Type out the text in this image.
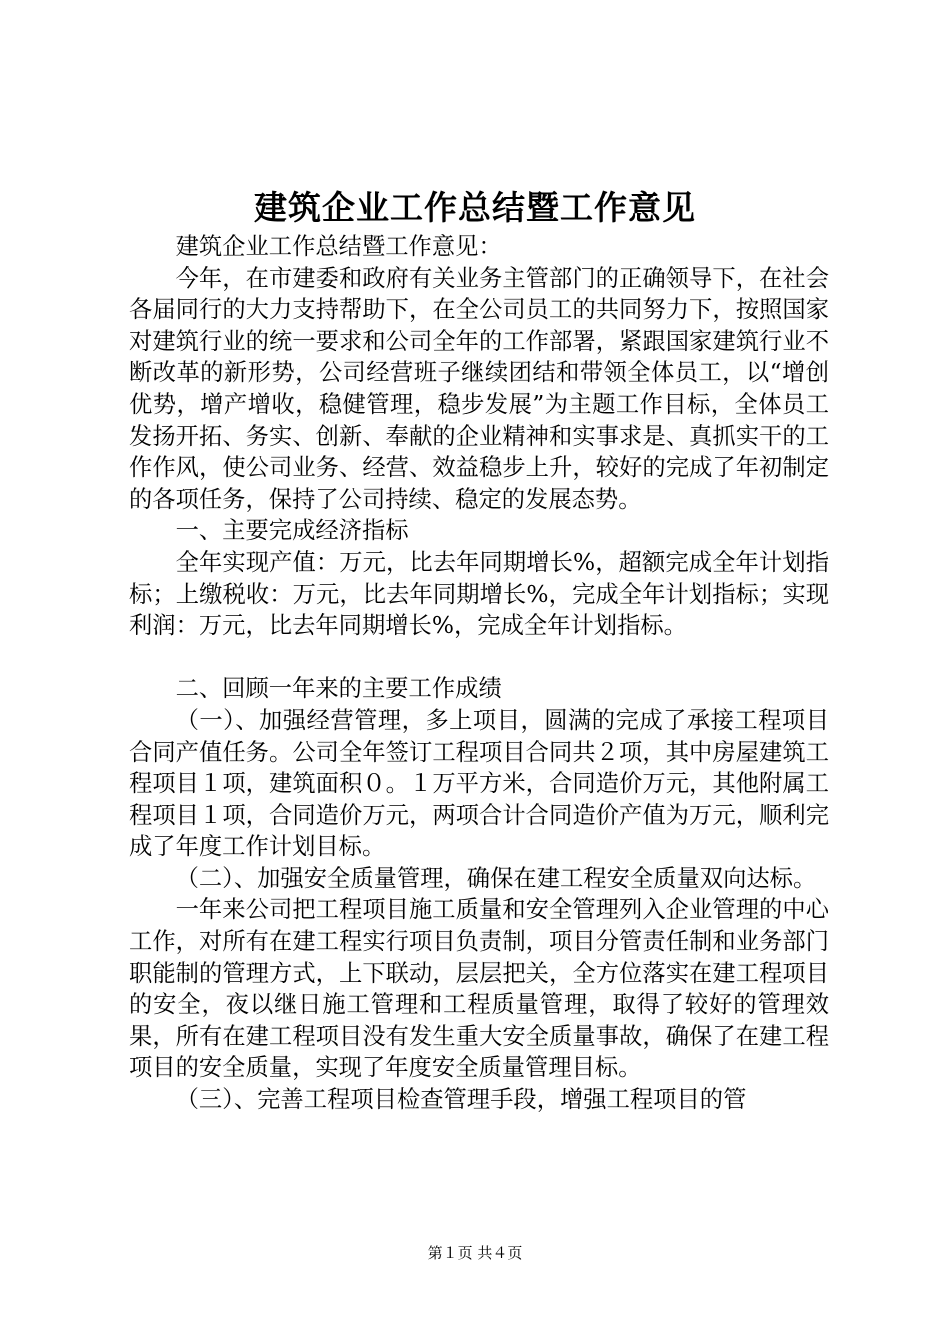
建筑企业工作总结暨工作意见

建筑企业工作总结暨工作意见：

今年，在市建委和政府有关业务主管部门的正确领导下，在社会各届同行的大力支持帮助下，在全公司员工的共同努力下，按照国家对建筑行业的统一要求和公司全年的工作部署，紧跟国家建筑行业不断改革的新形势，公司经营班子继续团结和带领全体员工，以“增创优势，增产增收，稳健管理，稳步发展”为主题工作目标，全体员工发扬开拓、务实、创新、奉献的企业精神和实事求是、真抓实干的工作作风，使公司业务、经营、效益稳步上升，较好的完成了年初制定的各项任务，保持了公司持续、稳定的发展态势。

一、主要完成经济指标

全年实现产值：万元，比去年同期增长%，超额完成全年计划指标；上缴税收：万元，比去年同期增长%，完成全年计划指标；实现利润：万元，比去年同期增长%，完成全年计划指标。

二、回顾一年来的主要工作成绩

（一）、加强经营管理，多上项目，圆满的完成了承接工程项目合同产值任务。公司全年签订工程项目合同共２项，其中房屋建筑工程项目１项，建筑面积０。１万平方米，合同造价万元，其他附属工程项目１项，合同造价万元，两项合计合同造价产值为万元，顺利完成了年度工作计划目标。

（二）、加强安全质量管理，确保在建工程安全质量双向达标。

一年来公司把工程项目施工质量和安全管理列入企业管理的中心工作，对所有在建工程实行项目负责制，项目分管责任制和业务部门职能制的管理方式，上下联动，层层把关，全方位落实在建工程项目的安全，夜以继日施工管理和工程质量管理，取得了较好的管理效果，所有在建工程项目没有发生重大安全质量事故，确保了在建工程项目的安全质量，实现了年度安全质量管理目标。

（三）、完善工程项目检查管理手段，增强工程项目的管

第１页 共４页
